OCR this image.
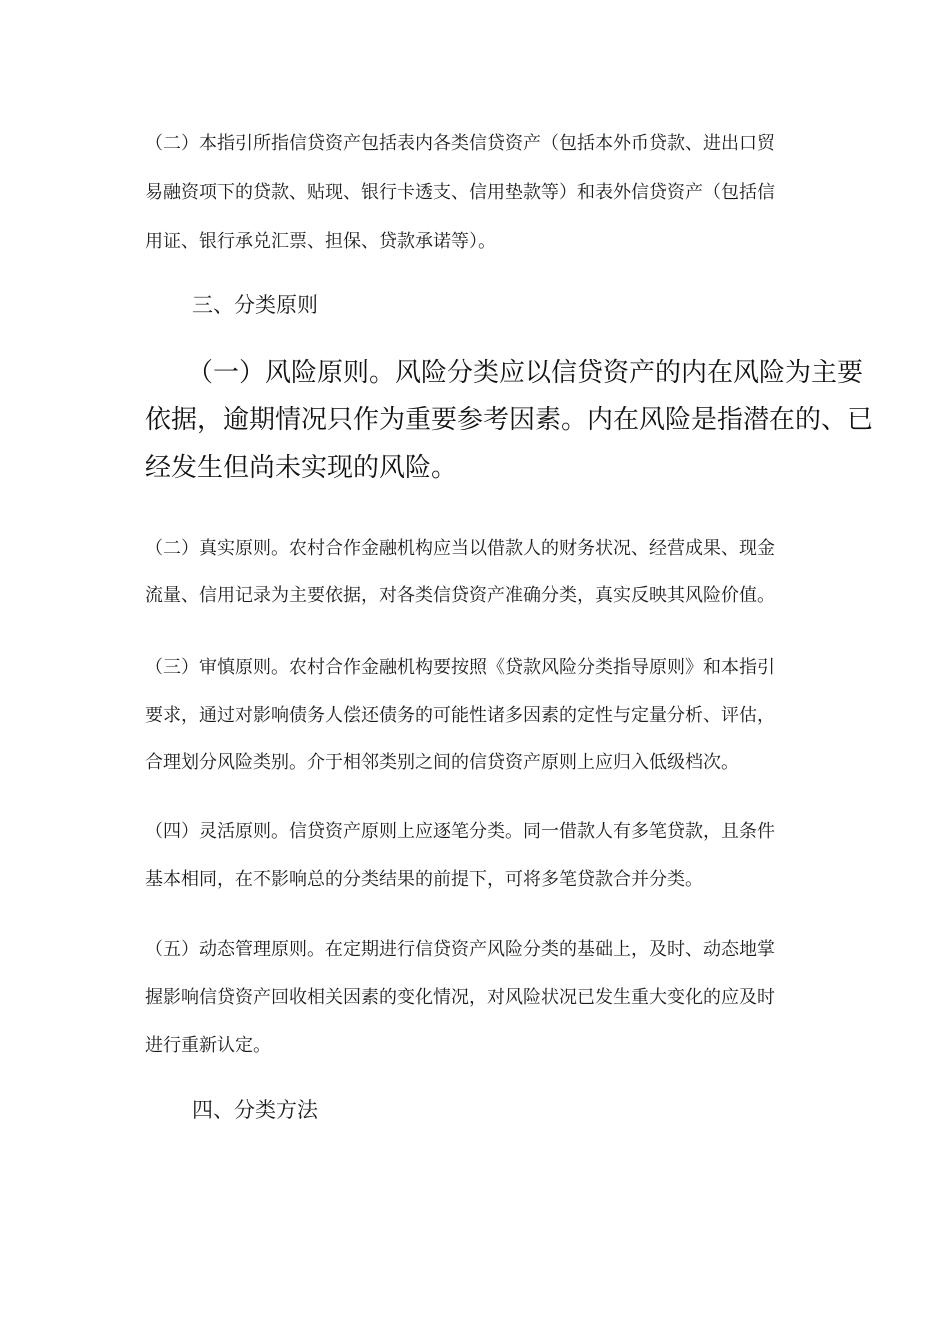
（二）本指引所指信贷资产包括表内各类信贷资产（包括本外币贷款、进出口贸
易融资项下的贷款、贴现、银行卡透支、信用垫款等）和表外信贷资产（包括信
用证、银行承兑汇票、担保、贷款承诺等）。
三、分类原则
（一）风险原则。风险分类应以信贷资产的内在风险为主要
依据，逾期情况只作为重要参考因素。内在风险是指潜在的、已
经发生但尚未实现的风险。
（二）真实原则。农村合作金融机构应当以借款人的财务状况、经营成果、现金
流量、信用记录为主要依据，对各类信贷资产准确分类，真实反映其风险价值。
（三）审慎原则。农村合作金融机构要按照《贷款风险分类指导原则》和本指引
要求，通过对影响债务人偿还债务的可能性诸多因素的定性与定量分析、评估，
合理划分风险类别。介于相邻类别之间的信贷资产原则上应归入低级档次。
（四）灵活原则。信贷资产原则上应逐笔分类。同一借款人有多笔贷款，且条件
基本相同，在不影响总的分类结果的前提下，可将多笔贷款合并分类。
（五）动态管理原则。在定期进行信贷资产风险分类的基础上，及时、动态地掌
握影响信贷资产回收相关因素的变化情况，对风险状况已发生重大变化的应及时
进行重新认定。
四、分类方法
